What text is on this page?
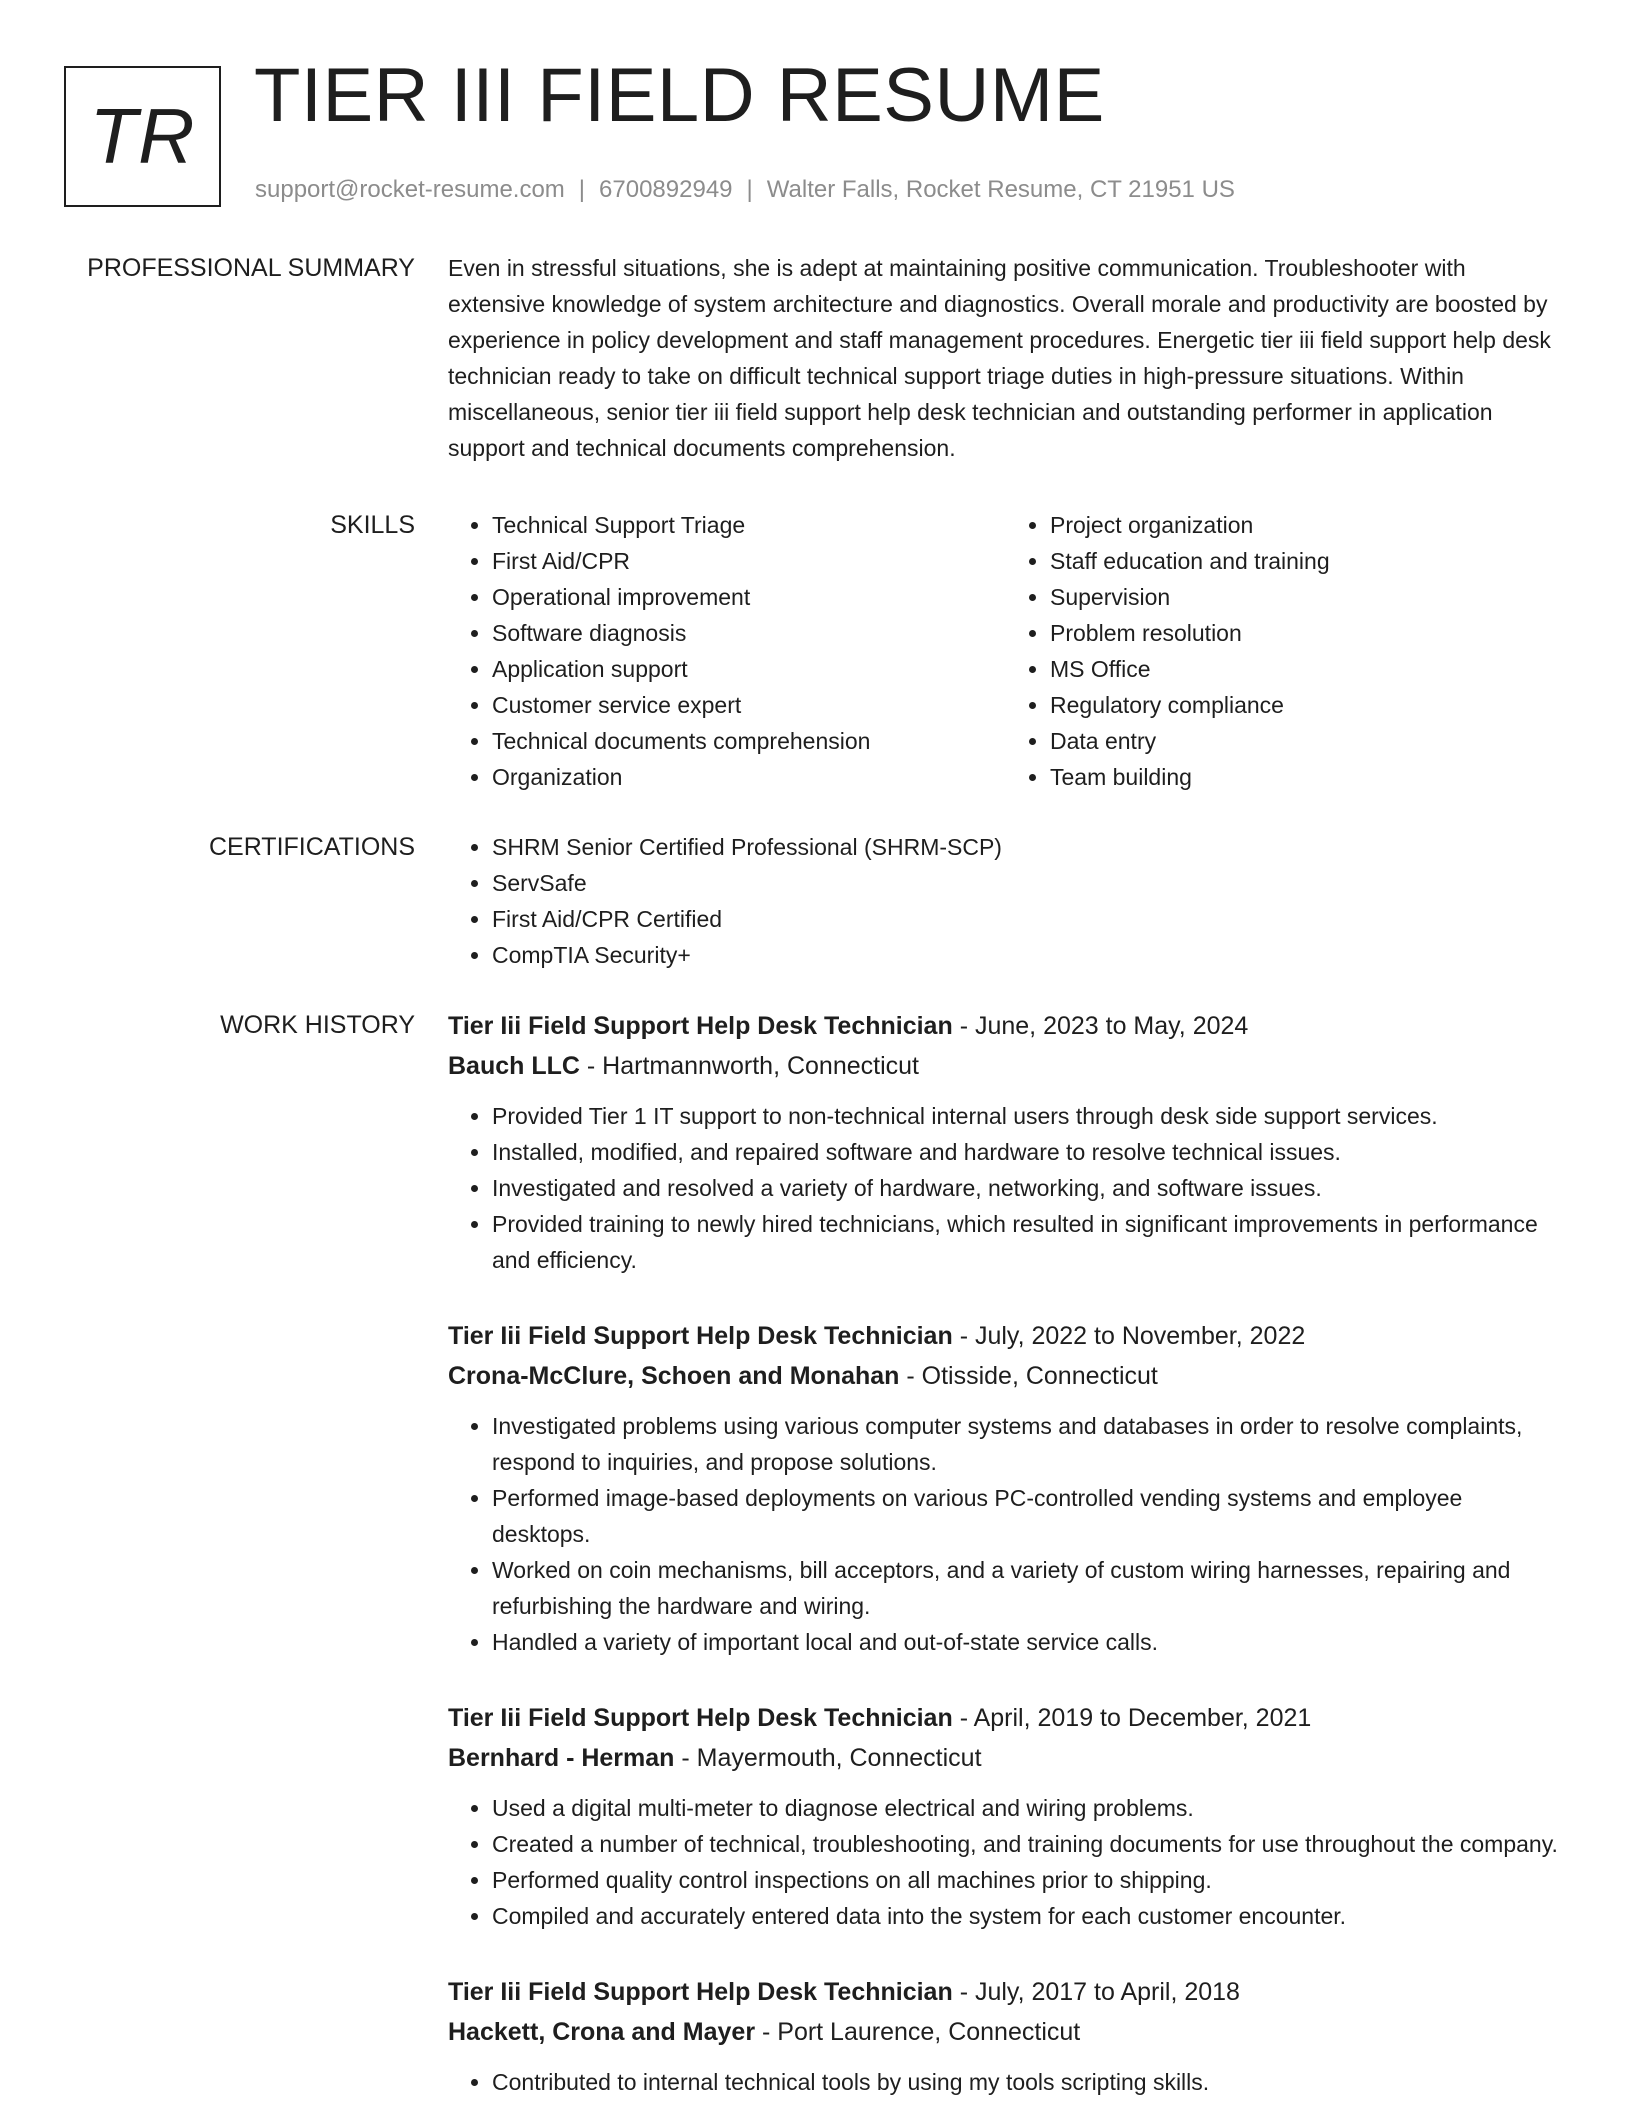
TR TIER III FIELD RESUME
support@rocket-resume.com | 6700892949 | Walter Falls, Rocket Resume, CT 21951 US
PROFESSIONAL SUMMARY Even in stressful situations, she is adept at maintaining positive communication. Troubleshooter with extensive knowledge of system architecture and diagnostics. Overall morale and productivity are boosted by experience in policy development and staff management procedures. Energetic tier iii field support help desk technician ready to take on difficult technical support triage duties in high-pressure situations. Within miscellaneous, senior tier iii field support help desk technician and outstanding performer in application support and technical documents comprehension.

SKILLS	• Technical Support Triage
• First Aid/CPR
• Operational improvement
• Software diagnosis
• Application support
• Customer service expert
• Technical documents comprehension
• Organization
• Project organization
• Staff education and training
• Supervision
• Problem resolution
• MS Office
• Regulatory compliance
• Data entry
• Team building
CERTIFICATIONS	• SHRM Senior Certified Professional (SHRM-SCP)
• ServSafe
• First Aid/CPR Certified
• CompTIA Security+
WORK HISTORY Tier Iii Field Support Help Desk Technician - June, 2023 to May, 2024
Bauch LLC - Hartmannworth, Connecticut
• Provided Tier 1 IT support to non-technical internal users through desk side support services.
• Installed, modified, and repaired software and hardware to resolve technical issues.
• Investigated and resolved a variety of hardware, networking, and software issues.
• Provided training to newly hired technicians, which resulted in significant improvements in performance and efficiency.
Tier Iii Field Support Help Desk Technician - July, 2022 to November, 2022
Crona-McClure, Schoen and Monahan - Otisside, Connecticut
• Investigated problems using various computer systems and databases in order to resolve complaints, respond to inquiries, and propose solutions.
• Performed image-based deployments on various PC-controlled vending systems and employee desktops.
• Worked on coin mechanisms, bill acceptors, and a variety of custom wiring harnesses, repairing and refurbishing the hardware and wiring.
• Handled a variety of important local and out-of-state service calls.
Tier Iii Field Support Help Desk Technician - April, 2019 to December, 2021
Bernhard - Herman - Mayermouth, Connecticut
• Used a digital multi-meter to diagnose electrical and wiring problems.
• Created a number of technical, troubleshooting, and training documents for use throughout the company.
• Performed quality control inspections on all machines prior to shipping.
• Compiled and accurately entered data into the system for each customer encounter.
Tier Iii Field Support Help Desk Technician - July, 2017 to April, 2018
Hackett, Crona and Mayer - Port Laurence, Connecticut
• Contributed to internal technical tools by using my tools scripting skills.
